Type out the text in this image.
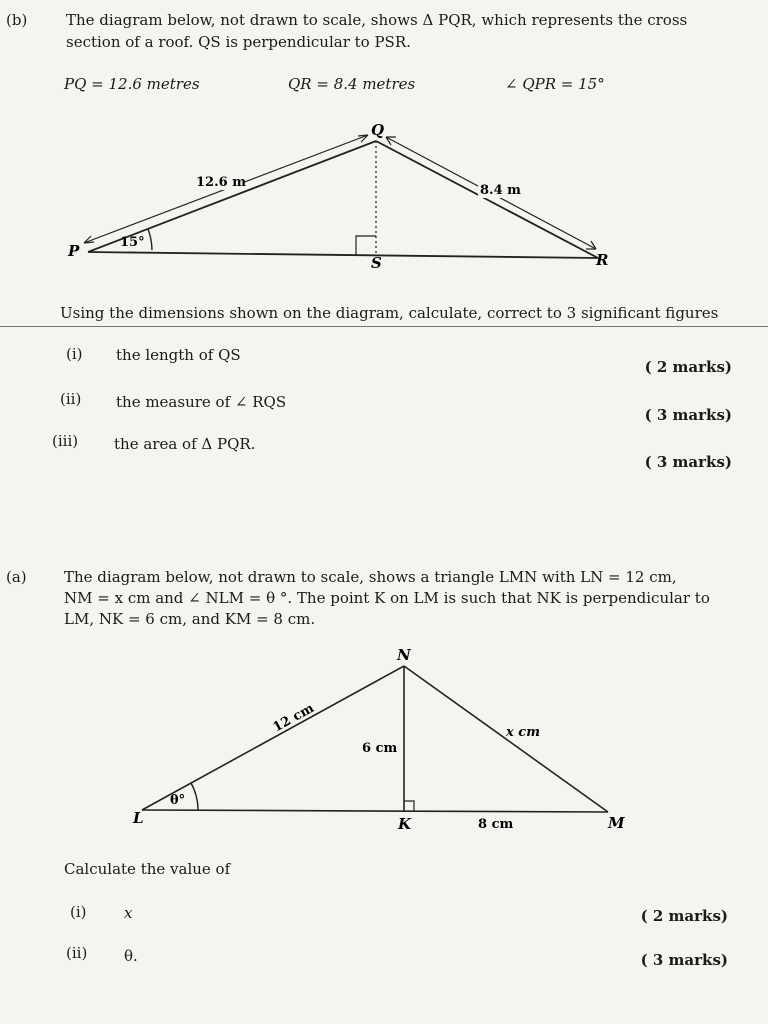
(b)	The diagram below, not drawn to scale, shows Δ PQR, which represents the cross
section of a roof. QS is perpendicular to PSR.
PQ = 12.6 metres	QR = 8.4 metres	∠ QPR = 15°
Q
P	R
S
12.6 m
8.4 m
15°
Using the dimensions shown on the diagram, calculate, correct to 3 significant figures
(i) the length of QS
( 2 marks)
(ii) the measure of ∠ RQS
( 3 marks)
(iii) the area of Δ PQR.
( 3 marks)
(a) The diagram below, not drawn to scale, shows a triangle LMN with LN = 12 cm,
NM = x cm and ∠ NLM = θ °. The point K on LM is such that NK is perpendicular to
LM, NK = 6 cm, and KM = 8 cm.
N
L	M
K
12 cm
6 cm
x cm
8 cm
θ°
Calculate the value of
(i) x	( 2 marks)
(ii) θ.	( 3 marks)
